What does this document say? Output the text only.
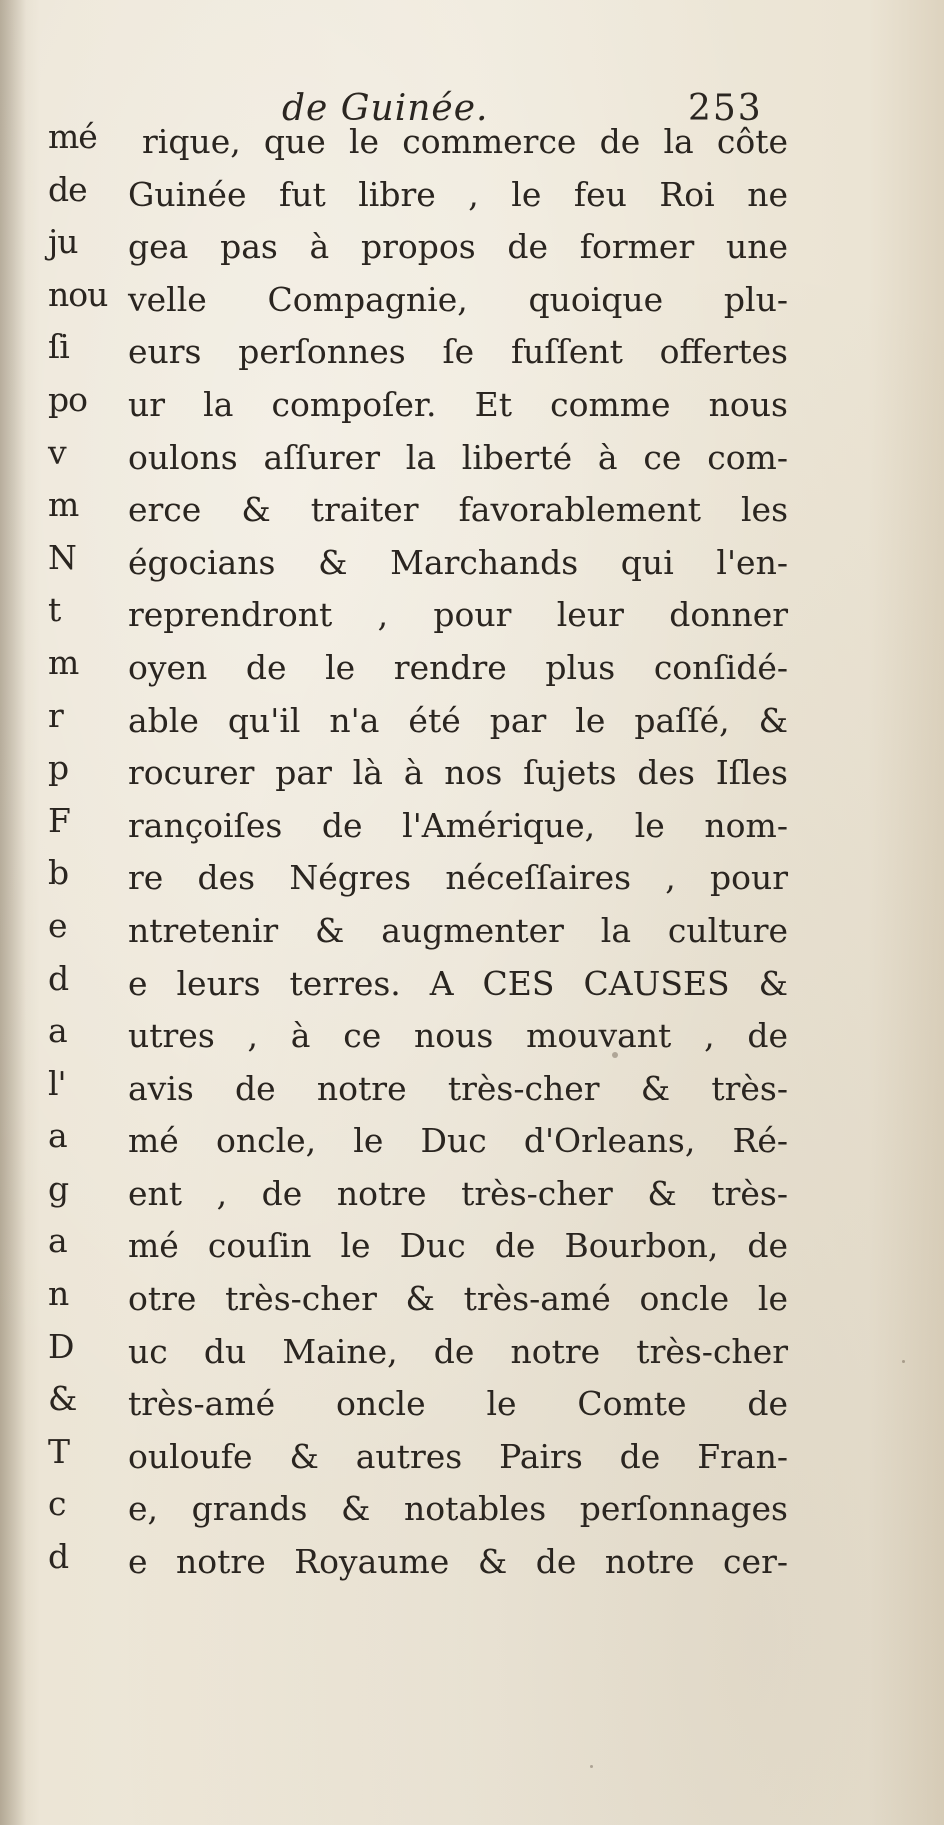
de Guinée.	253
mé	rique, que le commerce de la côte
de	Guinée fut libre , le feu Roi ne
ju	gea pas à propos de former une
nou velle Compagnie, quoique plu-
ſi	eurs perſonnes ſe fuſſent offertes
po	ur la compoſer. Et comme nous
v	oulons aſſurer la liberté à ce com-
m	erce & traiter favorablement les
N	égocians & Marchands qui l'en-
t	reprendront , pour leur donner
m	oyen de le rendre plus conſidé-
r	able qu'il n'a été par le paſſé, &
p	rocurer par là à nos ſujets des Iſles
F	rançoiſes de l'Amérique, le nom-
b	re des Négres néceſſaires , pour
e	ntretenir & augmenter la culture
d	e leurs terres. A CES CAUSES &
a	utres , à ce nous mouvant , de
l'	avis de notre très-cher & très-
a	mé oncle, le Duc d'Orleans, Ré-
g	ent , de notre très-cher & très-
a	mé couſin le Duc de Bourbon, de
n	otre très-cher & très-amé oncle le
D	uc du Maine, de notre très-cher
&	très-amé oncle le Comte de
T	ouloufe & autres Pairs de Fran-
c	e, grands & notables perſonnages
d	e notre Royaume & de notre cer-
